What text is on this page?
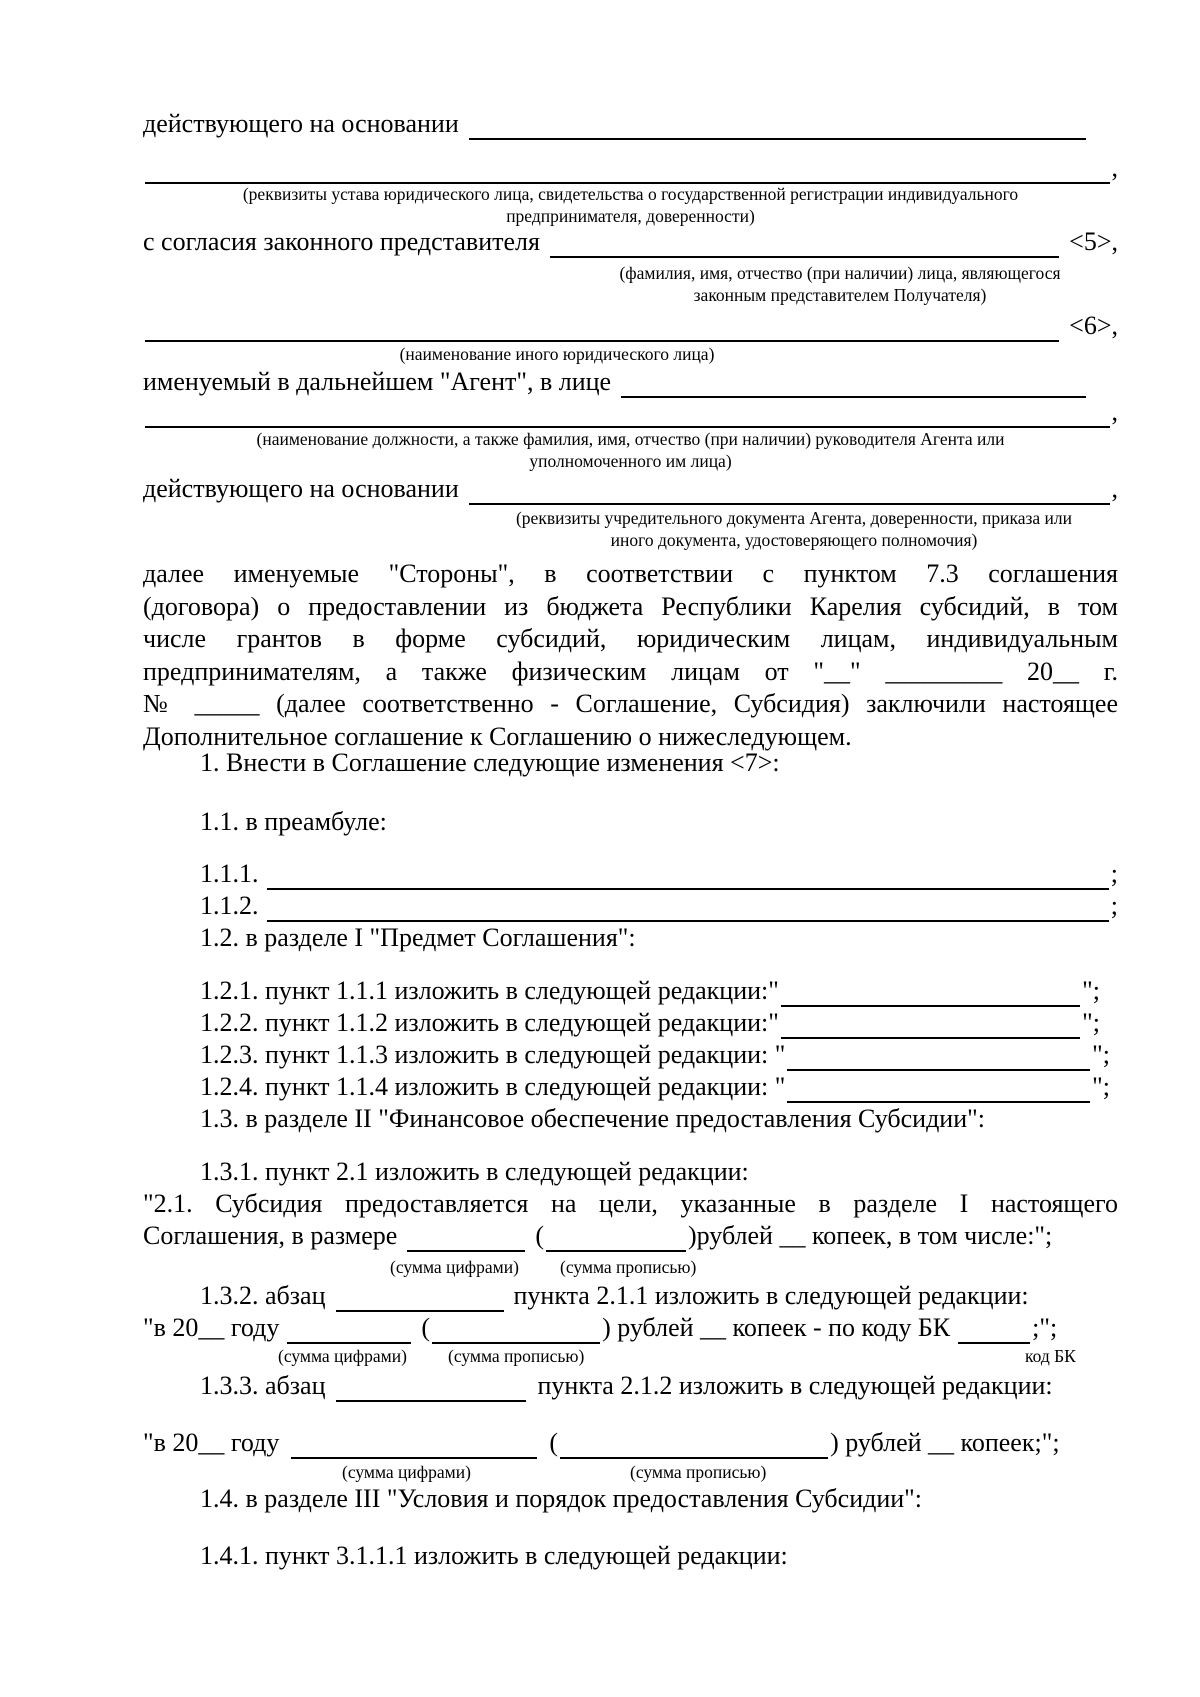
действующего на основании
,
(реквизиты устава юридического лица, свидетельства о государственной регистрации индивидуального
предпринимателя, доверенности)
с согласия законного представителя	<5>,
(фамилия, имя, отчество (при наличии) лица, являющегося
законным представителем Получателя)
<6>,
(наименование иного юридического лица)
именуемый в дальнейшем "Агент", в лице
,
(наименование должности, а также фамилия, имя, отчество (при наличии) руководителя Агента или
уполномоченного им лица)
действующего на основании	,
(реквизиты учредительного документа Агента, доверенности, приказа или
иного документа, удостоверяющего полномочия)
далее именуемые "Стороны", в соответствии с пунктом 7.3 соглашения
(договора) о предоставлении из бюджета Республики Карелия субсидий, в том
числе грантов в форме субсидий, юридическим лицам, индивидуальным
предпринимателям, а также физическим лицам от "__" _________ 20__ г.
№ _____ (далее соответственно - Соглашение, Субсидия) заключили настоящее
Дополнительное соглашение к Соглашению о нижеследующем.
1. Внести в Соглашение следующие изменения <7>:
1.1. в преамбуле:
1.1.1.	;
1.1.2.	;
1.2. в разделе I "Предмет Соглашения":
1.2.1. пункт 1.1.1 изложить в следующей редакции:"	";
1.2.2. пункт 1.1.2 изложить в следующей редакции:"	";
1.2.3. пункт 1.1.3 изложить в следующей редакции: "	";
1.2.4. пункт 1.1.4 изложить в следующей редакции: "	";
1.3. в разделе II "Финансовое обеспечение предоставления Субсидии":
1.3.1. пункт 2.1 изложить в следующей редакции:
"2.1. Субсидия предоставляется на цели, указанные в разделе I настоящего
Соглашения, в размере	(	)рублей __ копеек, в том числе:";
(сумма цифрами) (сумма прописью)
1.3.2. абзац	пункта 2.1.1 изложить в следующей редакции:
"в 20__ году	(	) рублей __ копеек - по коду БК	;";
(сумма цифрами) (сумма прописью)	код БК
1.3.3. абзац	пункта 2.1.2 изложить в следующей редакции:
"в 20__ году	(	) рублей __ копеек;";
(сумма цифрами)	(сумма прописью)
1.4. в разделе III "Условия и порядок предоставления Субсидии":
1.4.1. пункт 3.1.1.1 изложить в следующей редакции:
